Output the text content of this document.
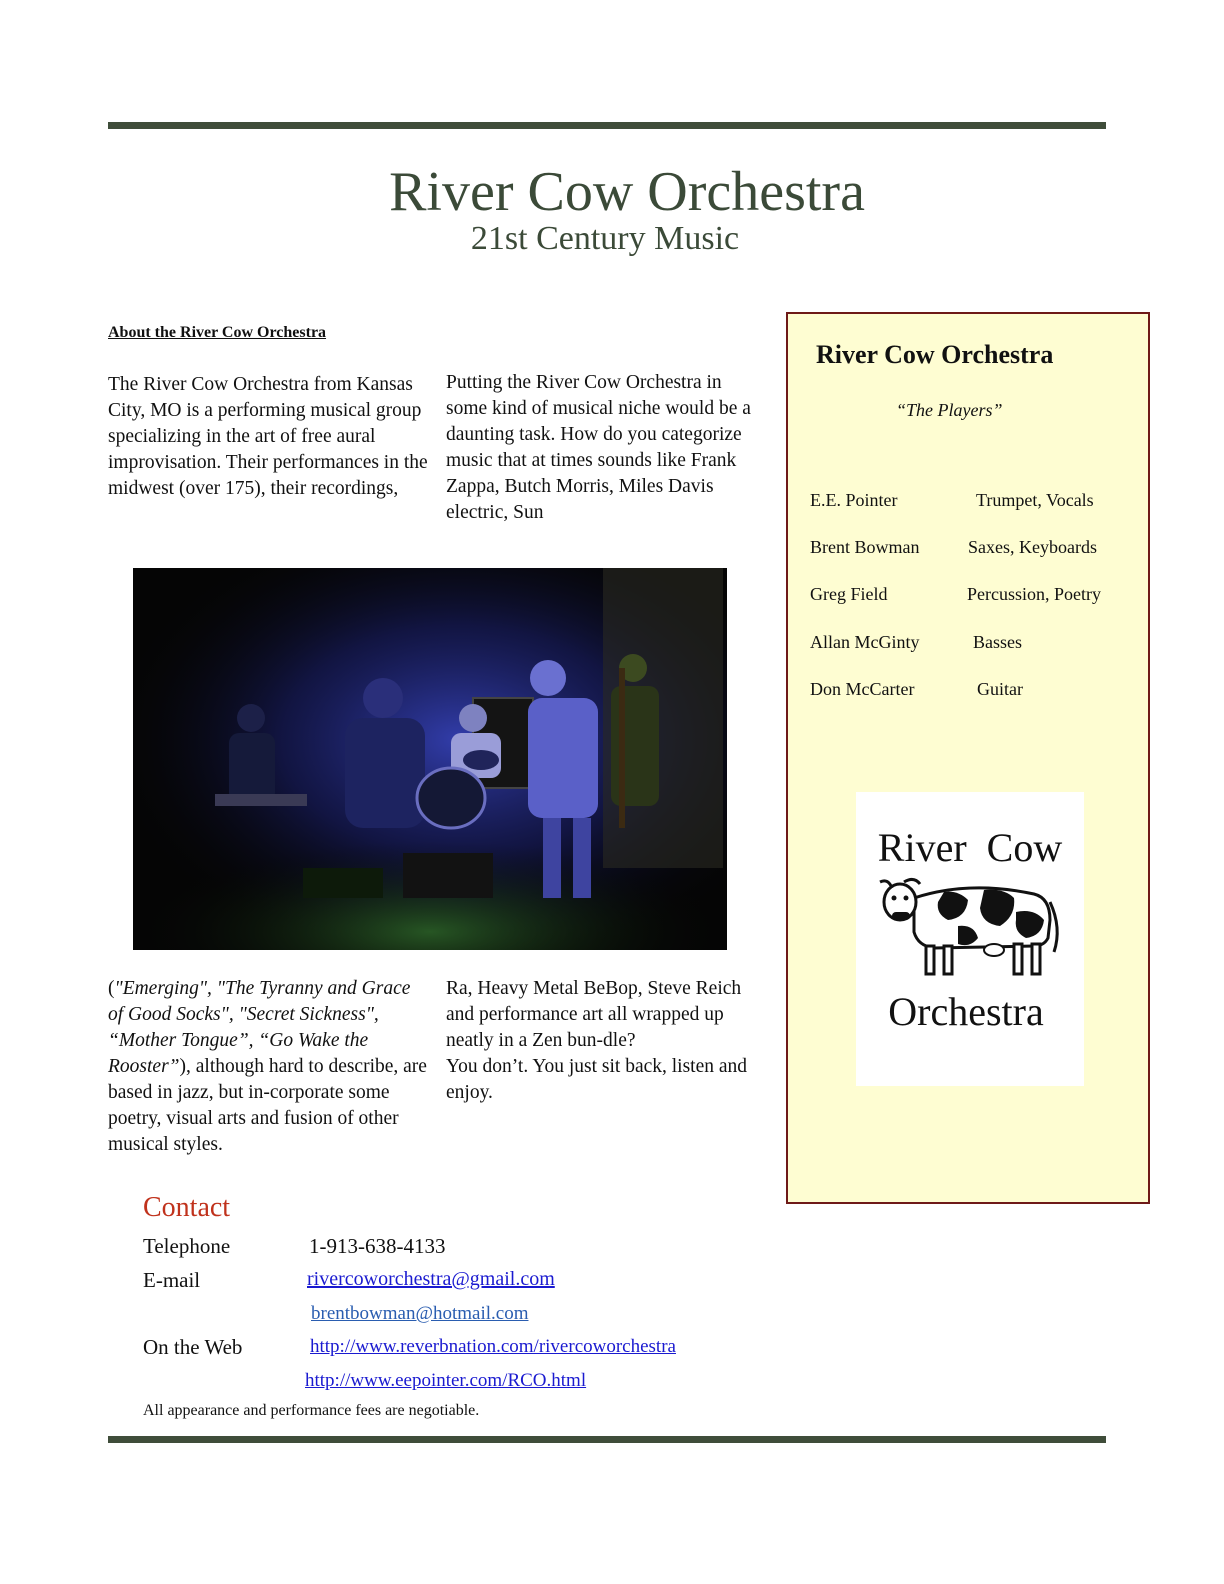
River Cow Orchestra
21st Century Music
About the River Cow Orchestra

The River Cow Orchestra from Kansas City, MO is a performing musical group specializing in the art of free aural improvisation. Their performances in the midwest (over 175), their recordings,

Putting the River Cow Orchestra in some kind of musical niche would be a daunting task. How do you categorize music that at times sounds like Frank Zappa, Butch Morris, Miles Davis electric, Sun

("Emerging", "The Tyranny and Grace of Good Socks", "Secret Sickness", “Mother Tongue”, “Go Wake the Rooster”), although hard to describe, are based in jazz, but in-corporate some poetry, visual arts and fusion of other musical styles.

Ra, Heavy Metal BeBop, Steve Reich and performance art all wrapped up neatly in a Zen bun-dle?

You don’t. You just sit back, listen and enjoy.

River Cow Orchestra
“The Players”
E.E. Pointer	Trumpet, Vocals
Brent Bowman	Saxes, Keyboards
Greg Field	Percussion, Poetry
Allan McGinty	Basses
Don McCarter	Guitar
River  Cow
Orchestra
Contact
Telephone	1-913-638-4133
E-mail	rivercoworchestra@gmail.com
brentbowman@hotmail.com
On the Web	http://www.reverbnation.com/rivercoworchestra
http://www.eepointer.com/RCO.html
All appearance and performance fees are negotiable.
